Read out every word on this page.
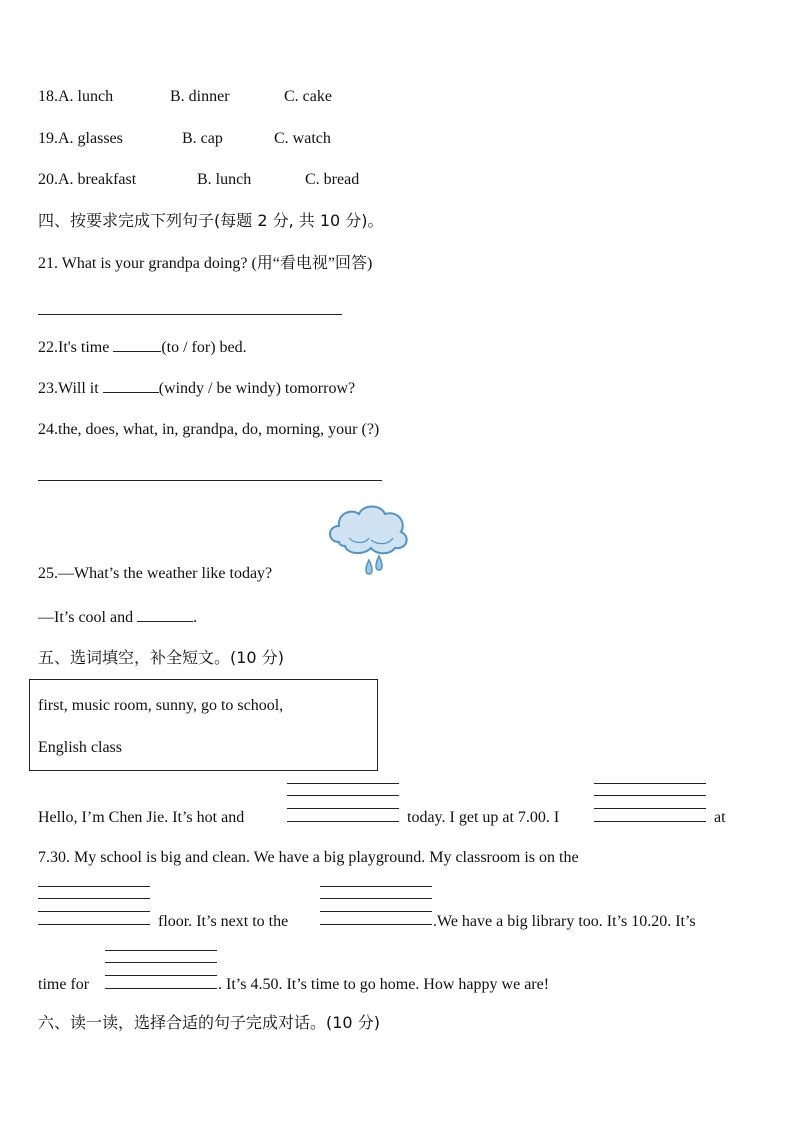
18.A. lunch	B. dinner	C. cake
19.A. glasses	B. cap	C. watch
20.A. breakfast	B. lunch	C. bread
四、按要求完成下列句子(每题 2 分, 共 10 分)。
21. What is your grandpa doing? (用“看电视”回答)
22.It's time	(to / for) bed.
23.Will it	(windy / be windy) tomorrow?
24.the, does, what, in, grandpa, do, morning, your (?)
25.—What’s the weather like today?
—It’s cool and	.
五、选词填空，补全短文。(10 分)
first, music room, sunny, go to school,
English class
Hello, I’m Chen Jie. It’s hot and	today. I get up at 7.00. I	at
7.30. My school is big and clean. We have a big playground. My classroom is on the
floor. It’s next to the	.We have a big library too. It’s 10.20. It’s
time for	. It’s 4.50. It’s time to go home. How happy we are!
六、读一读，选择合适的句子完成对话。(10 分)
